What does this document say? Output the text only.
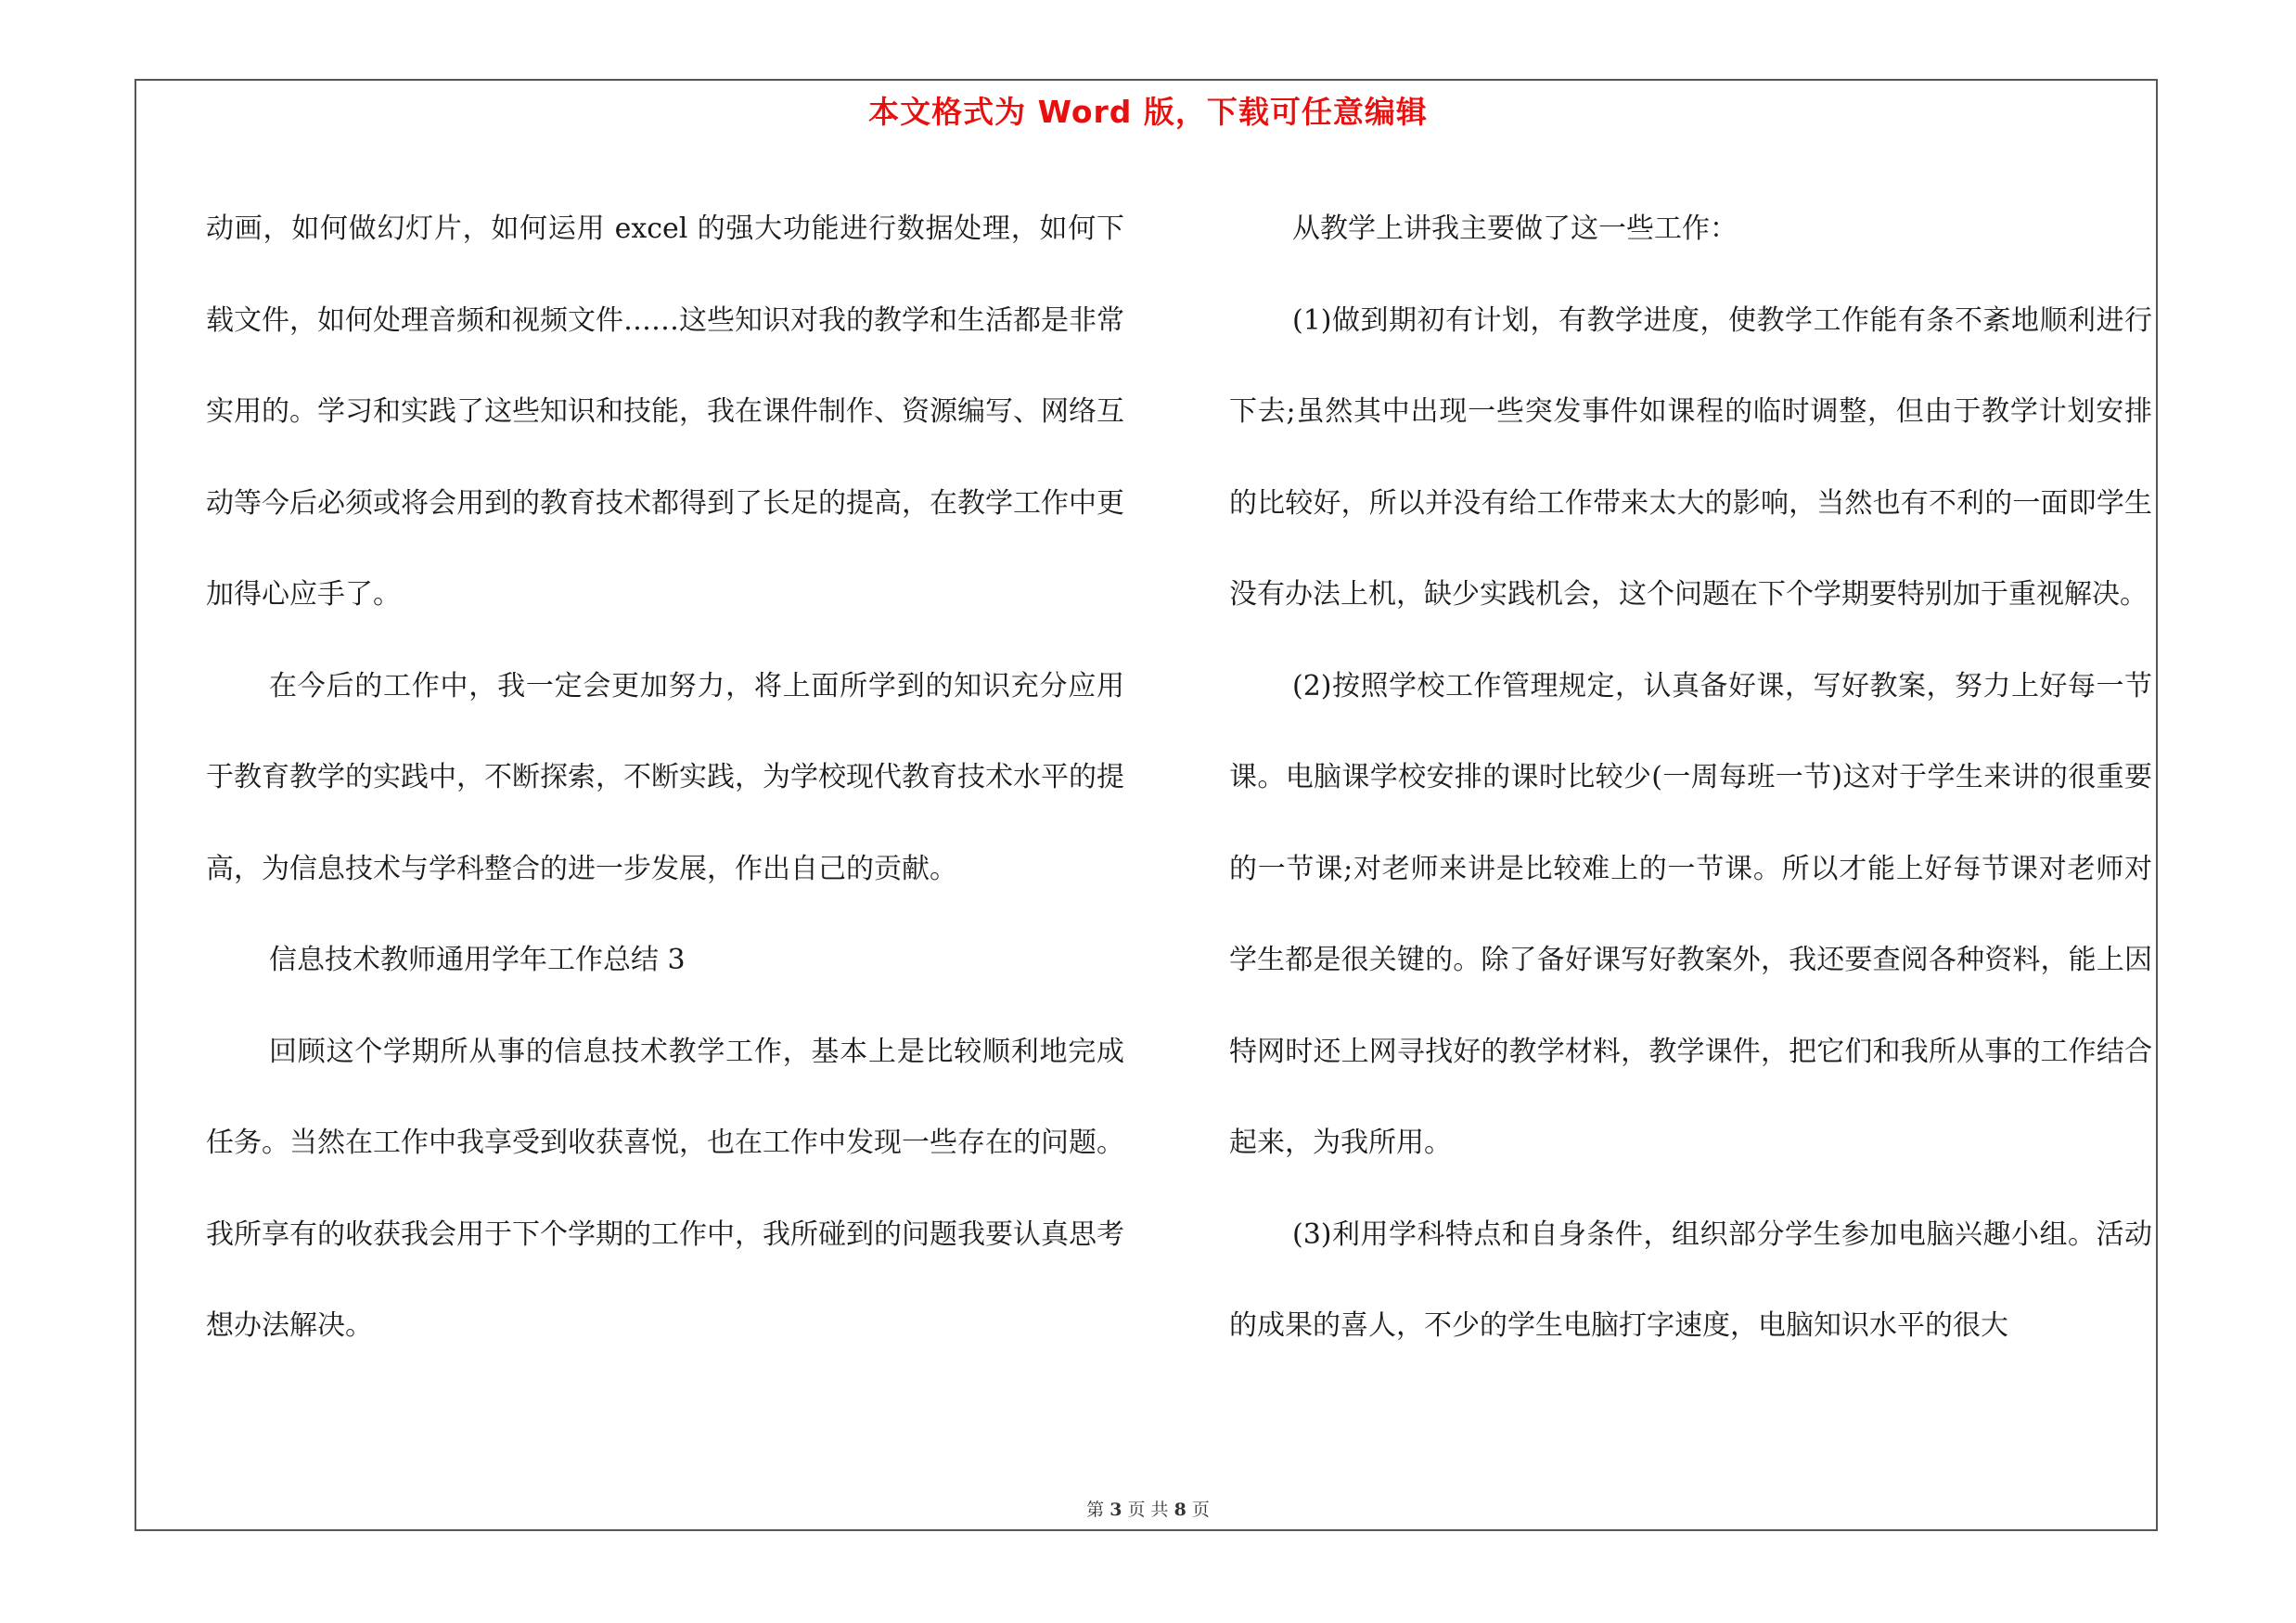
本文格式为 Word 版，下载可任意编辑

动画，如何做幻灯片，如何运用 excel 的强大功能进行数据处理，如何下载文件，如何处理音频和视频文件……这些知识对我的教学和生活都是非常实用的。学习和实践了这些知识和技能，我在课件制作、资源编写、网络互动等今后必须或将会用到的教育技术都得到了长足的提高，在教学工作中更加得心应手了。

在今后的工作中，我一定会更加努力，将上面所学到的知识充分应用于教育教学的实践中，不断探索，不断实践，为学校现代教育技术水平的提高，为信息技术与学科整合的进一步发展，作出自己的贡献。

信息技术教师通用学年工作总结 3

回顾这个学期所从事的信息技术教学工作，基本上是比较顺利地完成任务。当然在工作中我享受到收获喜悦，也在工作中发现一些存在的问题。我所享有的收获我会用于下个学期的工作中，我所碰到的问题我要认真思考想办法解决。

从教学上讲我主要做了这一些工作：

(1)做到期初有计划，有教学进度，使教学工作能有条不紊地顺利进行下去;虽然其中出现一些突发事件如课程的临时调整，但由于教学计划安排的比较好，所以并没有给工作带来太大的影响，当然也有不利的一面即学生没有办法上机，缺少实践机会，这个问题在下个学期要特别加于重视解决。

(2)按照学校工作管理规定，认真备好课，写好教案，努力上好每一节课。电脑课学校安排的课时比较少(一周每班一节)这对于学生来讲的很重要的一节课;对老师来讲是比较难上的一节课。所以才能上好每节课对老师对学生都是很关键的。除了备好课写好教案外，我还要查阅各种资料，能上因特网时还上网寻找好的教学材料，教学课件，把它们和我所从事的工作结合起来，为我所用。

(3)利用学科特点和自身条件，组织部分学生参加电脑兴趣小组。活动的成果的喜人，不少的学生电脑打字速度，电脑知识水平的很大

第 3 页 共 8 页
